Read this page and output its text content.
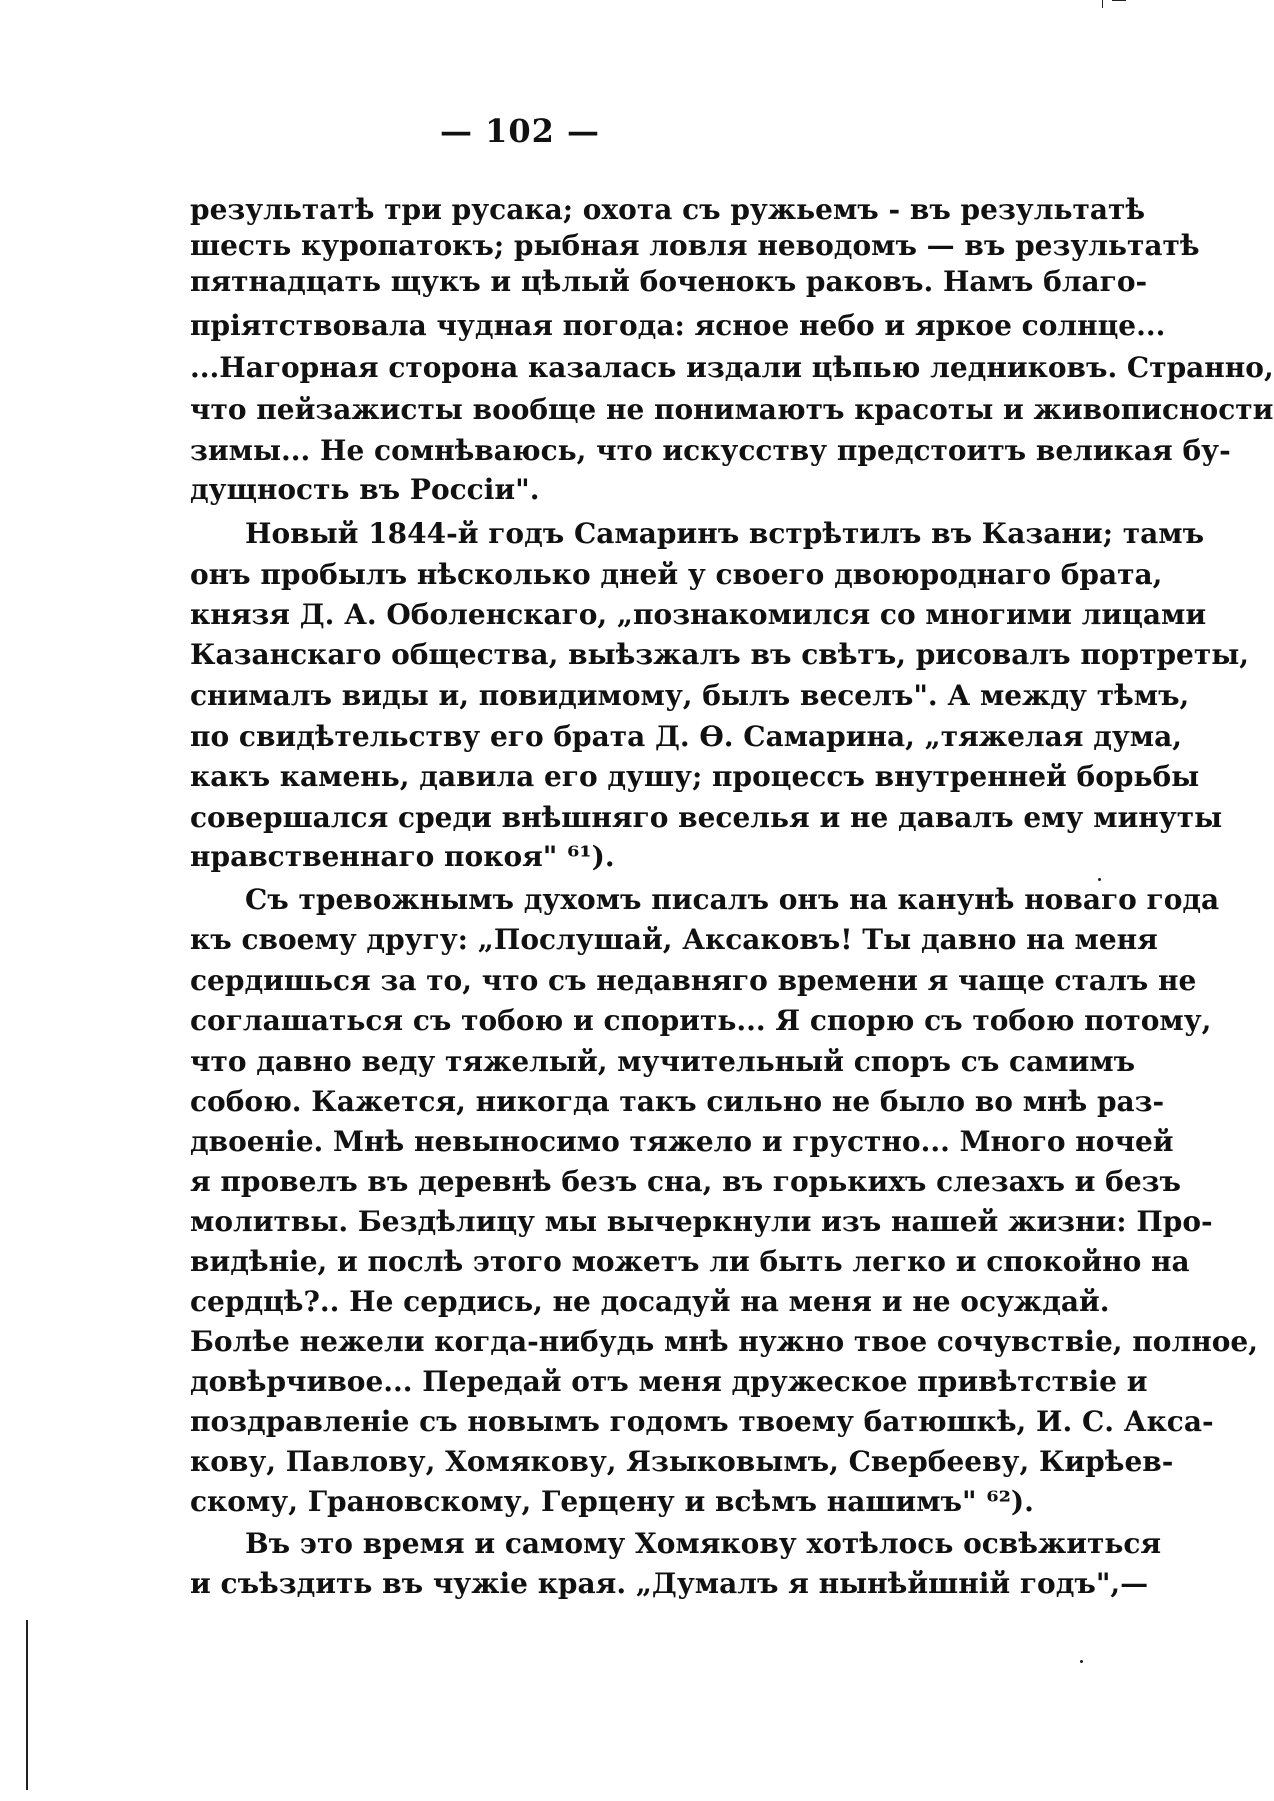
— 102 —
результатѣ три русака; охота съ ружьемъ - въ результатѣ
шесть куропатокъ; рыбная ловля неводомъ — въ результатѣ
пятнадцать щукъ и цѣлый боченокъ раковъ. Намъ благо-
пріятствовала чудная погода: ясное небо и яркое солнце...
...Нагорная сторона казалась издали цѣпью ледниковъ. Странно,
что пейзажисты вообще не понимаютъ красоты и живописности
зимы... Не сомнѣваюсь, что искусству предстоитъ великая бу-
дущность въ Россіи".
Новый 1844-й годъ Самаринъ встрѣтилъ въ Казани; тамъ
онъ пробылъ нѣсколько дней у своего двоюроднаго брата,
князя Д. А. Оболенскаго, „познакомился со многими лицами
Казанскаго общества, выѣзжалъ въ свѣтъ, рисовалъ портреты,
снималъ виды и, повидимому, былъ веселъ". А между тѣмъ,
по свидѣтельству его брата Д. Ѳ. Самарина, „тяжелая дума,
какъ камень, давила его душу; процессъ внутренней борьбы
совершался среди внѣшняго веселья и не давалъ ему минуты
нравственнаго покоя" ⁶¹).
Съ тревожнымъ духомъ писалъ онъ на канунѣ новаго года
къ своему другу: „Послушай, Аксаковъ! Ты давно на меня
сердишься за то, что съ недавняго времени я чаще сталъ не
соглашаться съ тобою и спорить... Я спорю съ тобою потому,
что давно веду тяжелый, мучительный споръ съ самимъ
собою. Кажется, никогда такъ сильно не было во мнѣ раз-
двоеніе. Мнѣ невыносимо тяжело и грустно... Много ночей
я провелъ въ деревнѣ безъ сна, въ горькихъ слезахъ и безъ
молитвы. Бездѣлицу мы вычеркнули изъ нашей жизни: Про-
видѣніе, и послѣ этого можетъ ли быть легко и спокойно на
сердцѣ?.. Не сердись, не досадуй на меня и не осуждай.
Болѣе нежели когда-нибудь мнѣ нужно твое сочувствіе, полное,
довѣрчивое... Передай отъ меня дружеское привѣтствіе и
поздравленіе съ новымъ годомъ твоему батюшкѣ, И. С. Акса-
кову, Павлову, Хомякову, Языковымъ, Свербееву, Кирѣев-
скому, Грановскому, Герцену и всѣмъ нашимъ" ⁶²).
Въ это время и самому Хомякову хотѣлось освѣжиться
и съѣздить въ чужіе края. „Думалъ я нынѣйшній годъ",—
